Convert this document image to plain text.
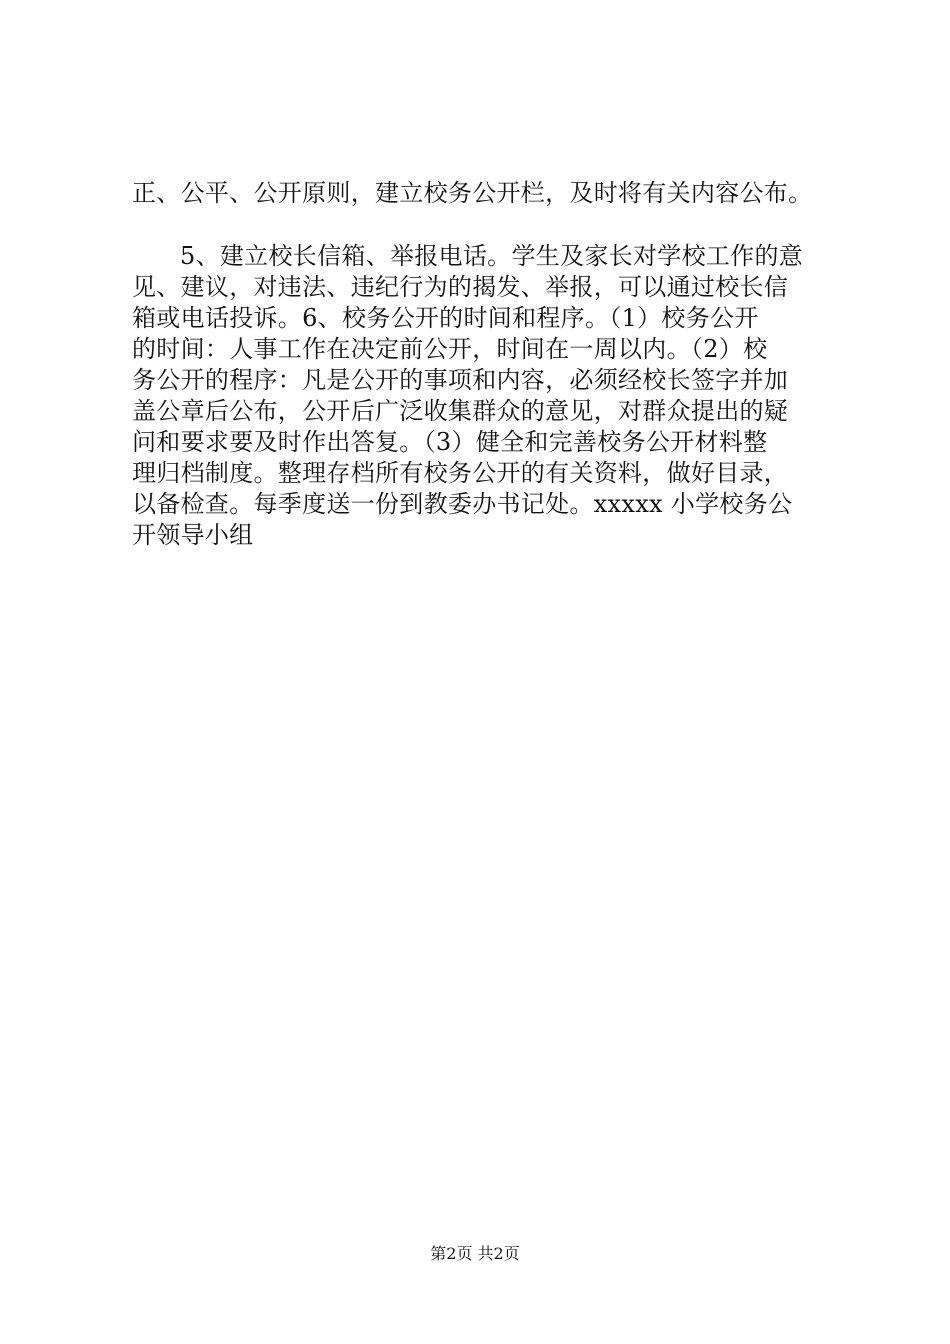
正、公平、公开原则，建立校务公开栏，及时将有关内容公布。
5、建立校长信箱、举报电话。学生及家长对学校工作的意
见、建议，对违法、违纪行为的揭发、举报，可以通过校长信
箱或电话投诉。6、校务公开的时间和程序。（1）校务公开
的时间：人事工作在决定前公开，时间在一周以内。（2）校
务公开的程序：凡是公开的事项和内容，必须经校长签字并加
盖公章后公布，公开后广泛收集群众的意见，对群众提出的疑
问和要求要及时作出答复。（3）健全和完善校务公开材料整
理归档制度。整理存档所有校务公开的有关资料，做好目录，
以备检查。每季度送一份到教委办书记处。xxxxx 小学校务公
开领导小组
第2页 共2页
